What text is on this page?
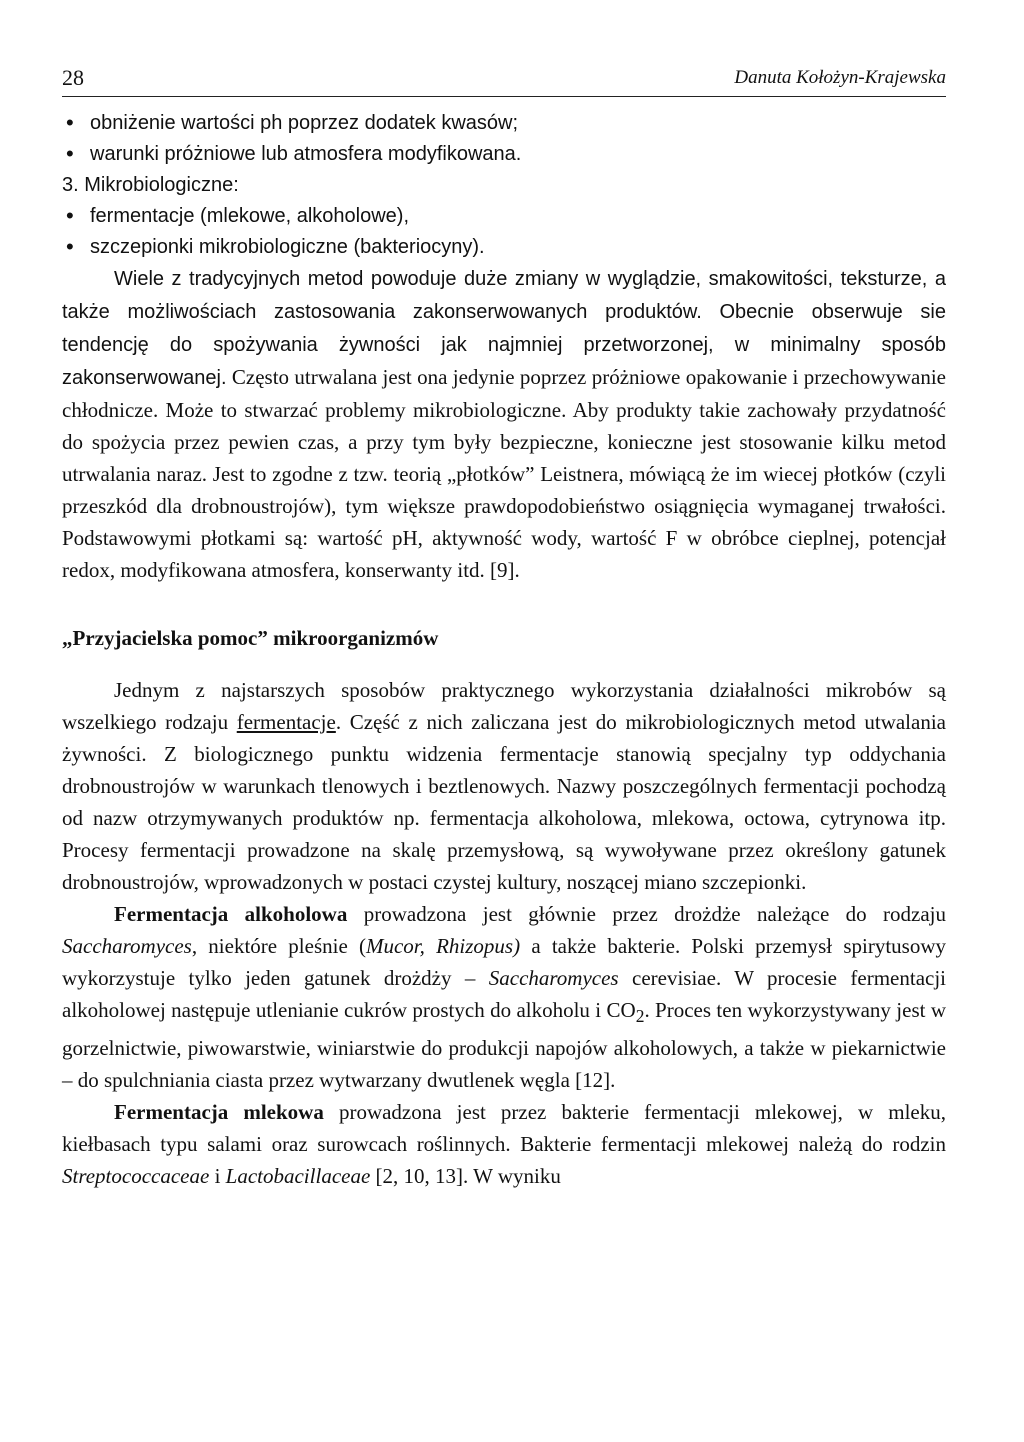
28	Danuta Kołożyn-Krajewska
• obniżenie wartości ph poprzez dodatek kwasów;
• warunki próżniowe lub atmosfera modyfikowana.
3. Mikrobiologiczne:
• fermentacje (mlekowe, alkoholowe),
• szczepionki mikrobiologiczne (bakteriocyny).

Wiele z tradycyjnych metod powoduje duże zmiany w wyglądzie, smakowitości, teksturze, a także możliwościach zastosowania zakonserwowanych produktów. Obecnie obserwuje sie tendencję do spożywania żywności jak najmniej przetworzonej, w minimalny sposób zakonserwowanej. Często utrwalana jest ona jedynie poprzez próżniowe opakowanie i przechowywanie chłodnicze. Może to stwarzać problemy mikrobiologiczne. Aby produkty takie zachowały przydatność do spożycia przez pewien czas, a przy tym były bezpieczne, konieczne jest stosowanie kilku metod utrwalania naraz. Jest to zgodne z tzw. teorią „płotków” Leistnera, mówiącą że im wiecej płotków (czyli przeszkód dla drobnoustrojów), tym większe prawdopodobieństwo osiągnięcia wymaganej trwałości. Podstawowymi płotkami są: wartość pH, aktywność wody, wartość F w obróbce cieplnej, potencjał redox, modyfikowana atmosfera, konserwanty itd. [9].

„Przyjacielska pomoc” mikroorganizmów

Jednym z najstarszych sposobów praktycznego wykorzystania działalności mikrobów są wszelkiego rodzaju fermentacje. Część z nich zaliczana jest do mikrobiologicznych metod utwalania żywności. Z biologicznego punktu widzenia fermentacje stanowią specjalny typ oddychania drobnoustrojów w warunkach tlenowych i beztlenowych. Nazwy poszczególnych fermentacji pochodzą od nazw otrzymywanych produktów np. fermentacja alkoholowa, mlekowa, octowa, cytrynowa itp. Procesy fermentacji prowadzone na skalę przemysłową, są wywoływane przez określony gatunek drobnoustrojów, wprowadzonych w postaci czystej kultury, noszącej miano szczepionki.

Fermentacja alkoholowa prowadzona jest głównie przez drożdże należące do rodzaju Saccharomyces, niektóre pleśnie (Mucor, Rhizopus) a także bakterie. Polski przemysł spirytusowy wykorzystuje tylko jeden gatunek drożdży – Saccharomyces cerevisiae. W procesie fermentacji alkoholowej następuje utlenianie cukrów prostych do alkoholu i $CO_2$. Proces ten wykorzystywany jest w gorzelnictwie, piwowarstwie, winiarstwie do produkcji napojów alkoholowych, a także w piekarnictwie – do spulchniania ciasta przez wytwarzany dwutlenek węgla [12].

Fermentacja mlekowa prowadzona jest przez bakterie fermentacji mlekowej, w mleku, kiełbasach typu salami oraz surowcach roślinnych. Bakterie fermentacji mlekowej należą do rodzin Streptococcaceae i Lactobacillaceae [2, 10, 13]. W wyniku
